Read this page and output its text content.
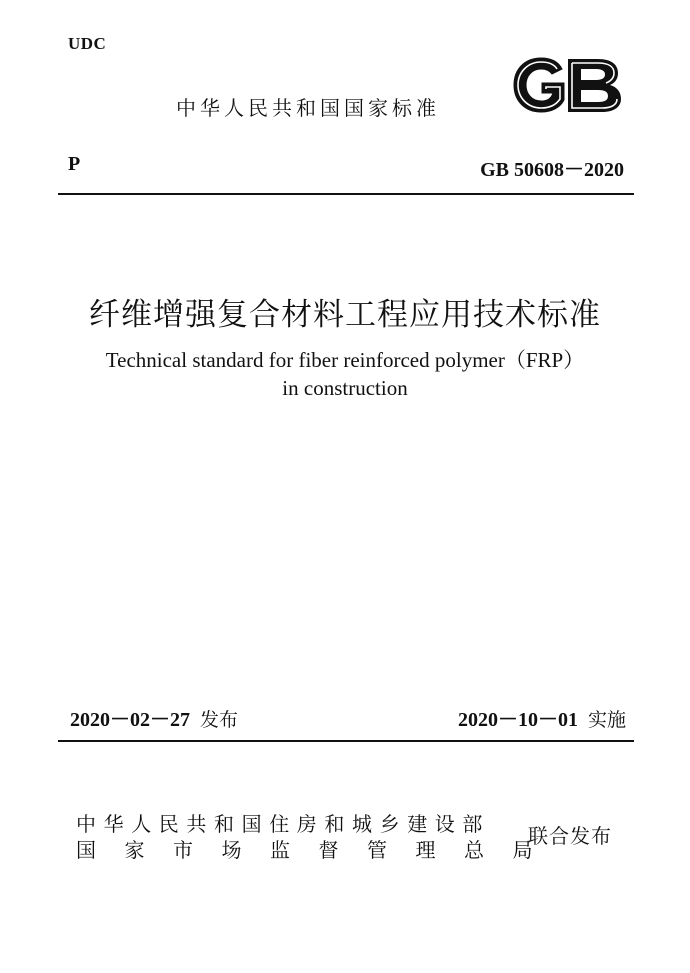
UDC
中华人民共和国国家标准
GB
P	GB 50608－2020
纤维增强复合材料工程应用技术标准
Technical standard for fiber reinforced polymer（FRP）
in construction
2020－02－27 发布	2020－10－01 实施
中华人民共和国住房和城乡建设部
国家市场监督管理总局
联合发布
